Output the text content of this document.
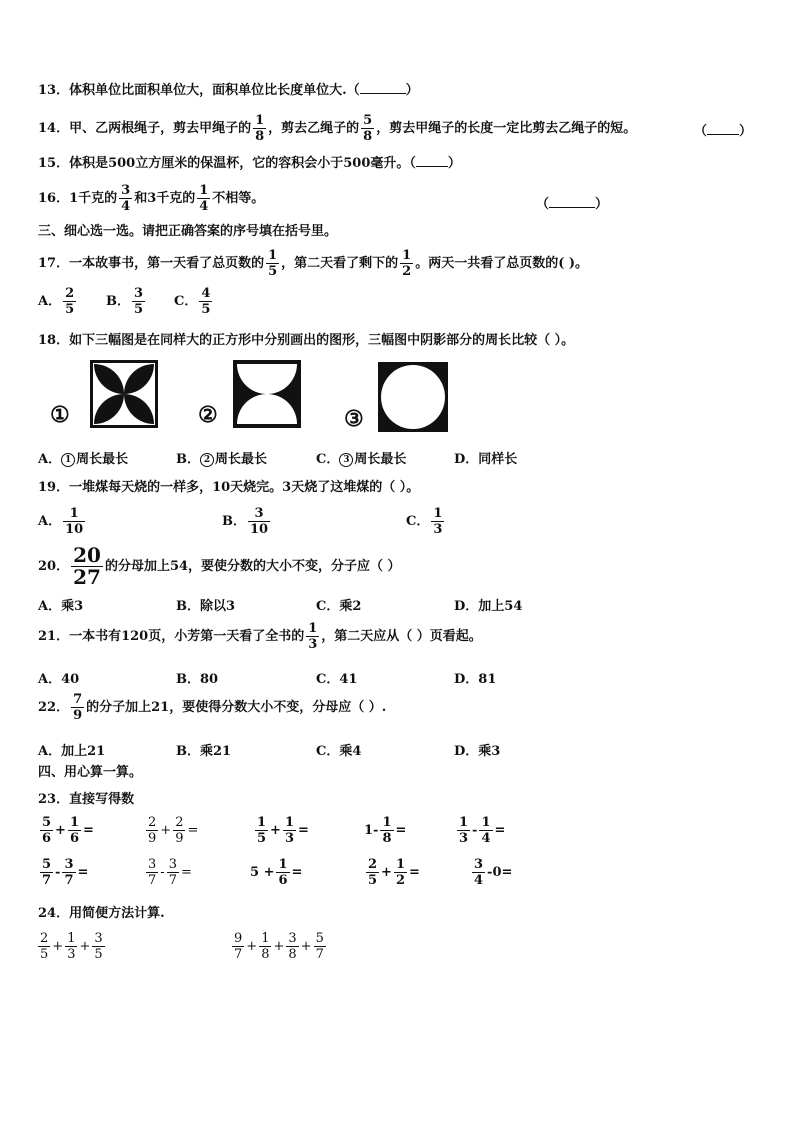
13．体积单位比面积单位大，面积单位比长度单位大.（	）
14．甲、乙两根绳子，剪去甲绳子的 $\frac{1}{8}$ ，剪去乙绳子的 $\frac{5}{8}$ ，剪去甲绳子的长度一定比剪去乙绳子的短。	（ ）
15．体积是500立方厘米的保温杯，它的容积会小于500毫升。（ ）
16．1千克的 $\frac{3}{4}$ 和3千克的 $\frac{1}{4}$ 不相等。	（	）
三、细心选一选。请把正确答案的序号填在括号里。
17．一本故事书，第一天看了总页数的 $\frac{1}{5}$ ，第二天看了剩下的 $\frac{1}{2}$ 。两天一共看了总页数的( )。
A． $\frac{2}{5}$ B． $\frac{3}{5}$ C． $\frac{4}{5}$
18．如下三幅图是在同样大的正方形中分别画出的图形，三幅图中阴影部分的周长比较（ ）。
①	②	③
A． 1 周长最长	B． 2 周长最长	C． 3 周长最长	D．同样长
19．一堆煤每天烧的一样多，10天烧完。3天烧了这堆煤的（ ）。
A． $\frac{1}{10}$	B． $\frac{3}{10}$	C． $\frac{1}{3}$
20． $\frac{20}{27}$ 的分母加上54，要使分数的大小不变，分子应（ ）
A．乘3	B．除以3	C．乘2	D．加上54
21．一本书有120页，小芳第一天看了全书的 $\frac{1}{3}$ ，第二天应从（ ）页看起。
A．40	B．80	C．41	D．81
22． $\frac{7}{9}$ 的分子加上21，要使得分数大小不变，分母应（ ）.
A．加上21	B．乘21	C．乘4	D．乘3
四、用心算一算。
23．直接写得数
$\frac{5}{6} + \frac{1}{6}$ =	$\frac{2}{9} + \frac{2}{9}$ =	$\frac{1}{5} + \frac{1}{3}$ =	$1- \frac{1}{8}$ =	$\frac{1}{3} - \frac{1}{4}$ =
$\frac{5}{7} - \frac{3}{7}$ =	$\frac{3}{7} - \frac{3}{7}$ =	$5 + \frac{1}{6}$ =	$\frac{2}{5} + \frac{1}{2}$ =	$\frac{3}{4} -0=$
24．用简便方法计算.
$\frac{2}{5} + \frac{1}{3} + \frac{3}{5}$	$\frac{9}{7} + \frac{1}{8} + \frac{3}{8} + \frac{5}{7}$
